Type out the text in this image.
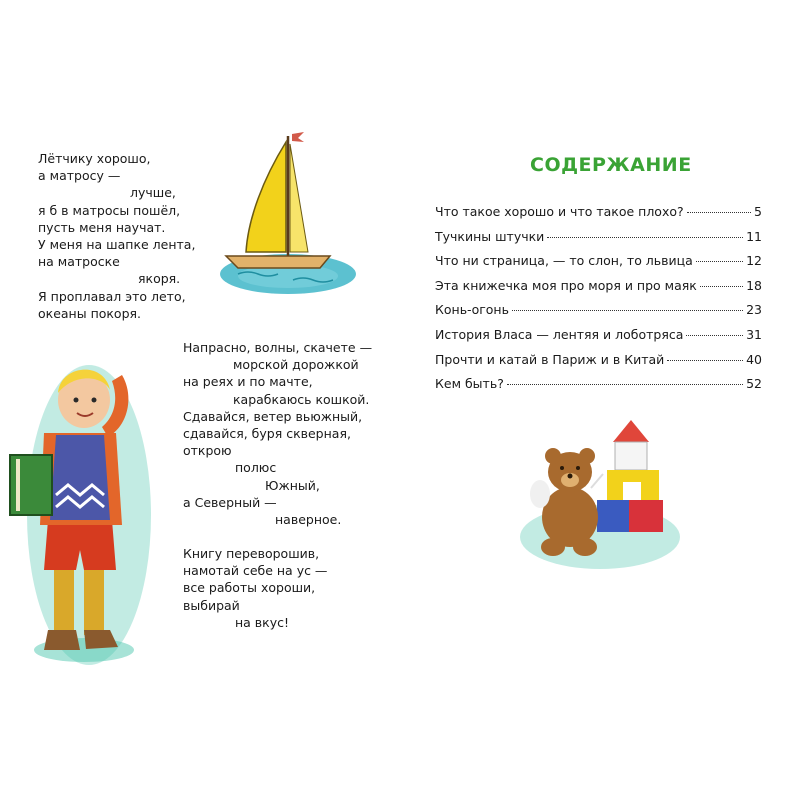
Лётчику хорошо,
а матросу —
лучше,
я б в матросы пошёл,
пусть меня научат.
У меня на шапке лента,
на матроске
якоря.
Я проплавал это лето,
океаны покоря.
Напрасно, волны, скачете —
морской дорожкой
на реях и по мачте,
карабкаюсь кошкой.
Сдавайся, ветер вьюжный,
сдавайся, буря скверная,
открою
полюс
Южный,
а Северный —
наверное.
Книгу переворошив,
намотай себе на ус —
все работы хороши,
выбирай
на вкус!
СОДЕРЖАНИЕ
Что такое хорошо и что такое плохо?	5
Тучкины штучки	11
Что ни страница, — то слон, то львица	12
Эта книжечка моя про моря и про маяк	18
Конь-огонь	23
История Власа — лентяя и лоботряса	31
Прочти и катай в Париж и в Китай	40
Кем быть?	52
